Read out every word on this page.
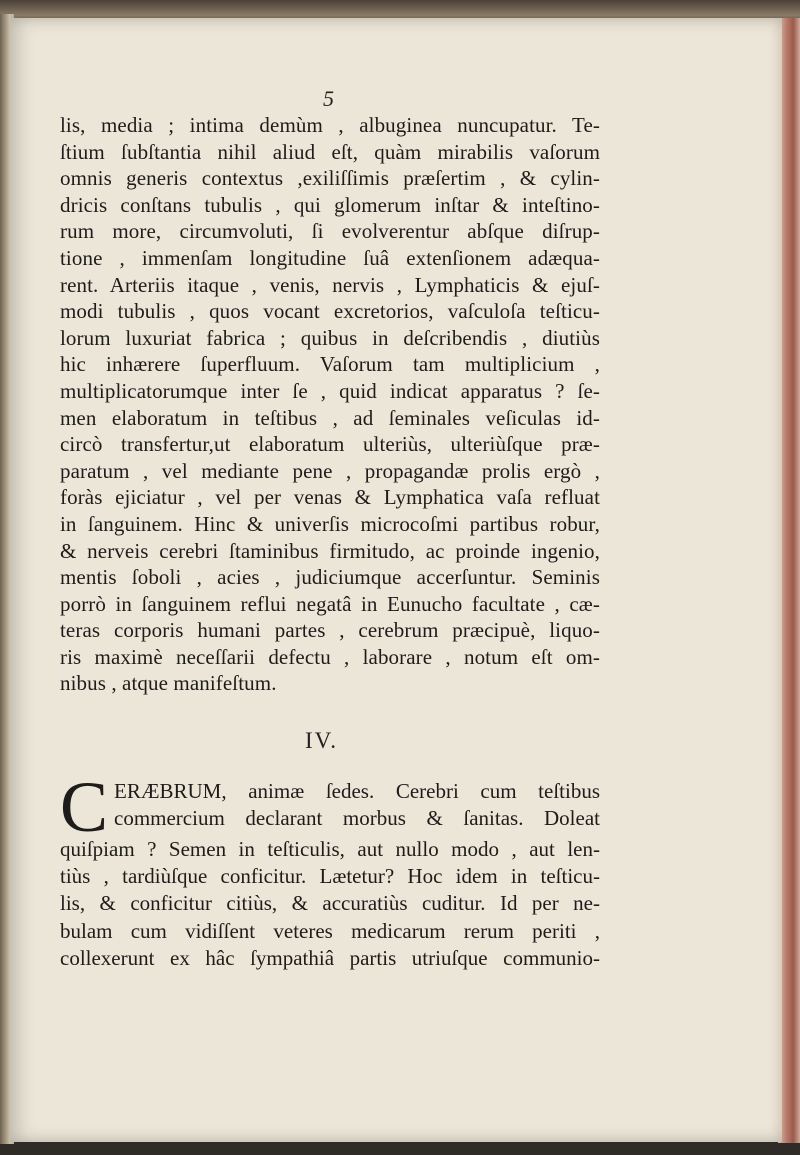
5
lis, media ; intima demùm , albuginea nuncupatur. Te-
ſtium ſubſtantia nihil aliud eſt, quàm mirabilis vaſorum
omnis generis contextus ,exiliſſimis præſertim , & cylin-
dricis conſtans tubulis , qui glomerum inſtar & inteſtino-
rum more, circumvoluti, ſi evolverentur abſque diſrup-
tione , immenſam longitudine ſuâ extenſionem adæqua-
rent. Arteriis itaque , venis, nervis , Lymphaticis & ejuſ-
modi tubulis , quos vocant excretorios, vaſculoſa teſticu-
lorum luxuriat fabrica ; quibus in deſcribendis , diutiùs
hic inhærere ſuperfluum. Vaſorum tam multiplicium ,
multiplicatorumque inter ſe , quid indicat apparatus ? ſe-
men elaboratum in teſtibus , ad ſeminales veſiculas id-
circò transfertur,ut elaboratum ulteriùs, ulteriùſque præ-
paratum , vel mediante pene , propagandæ prolis ergò ,
foràs ejiciatur , vel per venas & Lymphatica vaſa refluat
in ſanguinem. Hinc & univerſis microcoſmi partibus robur,
& nerveis cerebri ſtaminibus firmitudo, ac proinde ingenio,
mentis ſoboli , acies , judiciumque accerſuntur. Seminis
porrò in ſanguinem reflui negatâ in Eunucho facultate , cæ-
teras corporis humani partes , cerebrum præcipuè, liquo-
ris maximè neceſſarii defectu , laborare , notum eſt om-
nibus , atque manifeſtum.
IV.
C ERÆBRUM, animæ ſedes. Cerebri cum teſtibus
commercium declarant morbus & ſanitas. Doleat
quiſpiam ? Semen in teſticulis, aut nullo modo , aut len-
tiùs , tardiùſque conficitur. Lætetur? Hoc idem in teſticu-
lis, & conficitur citiùs, & accuratiùs cuditur. Id per ne-
bulam cum vidiſſent veteres medicarum rerum periti ,
collexerunt ex hâc ſympathiâ partis utriuſque communio-
